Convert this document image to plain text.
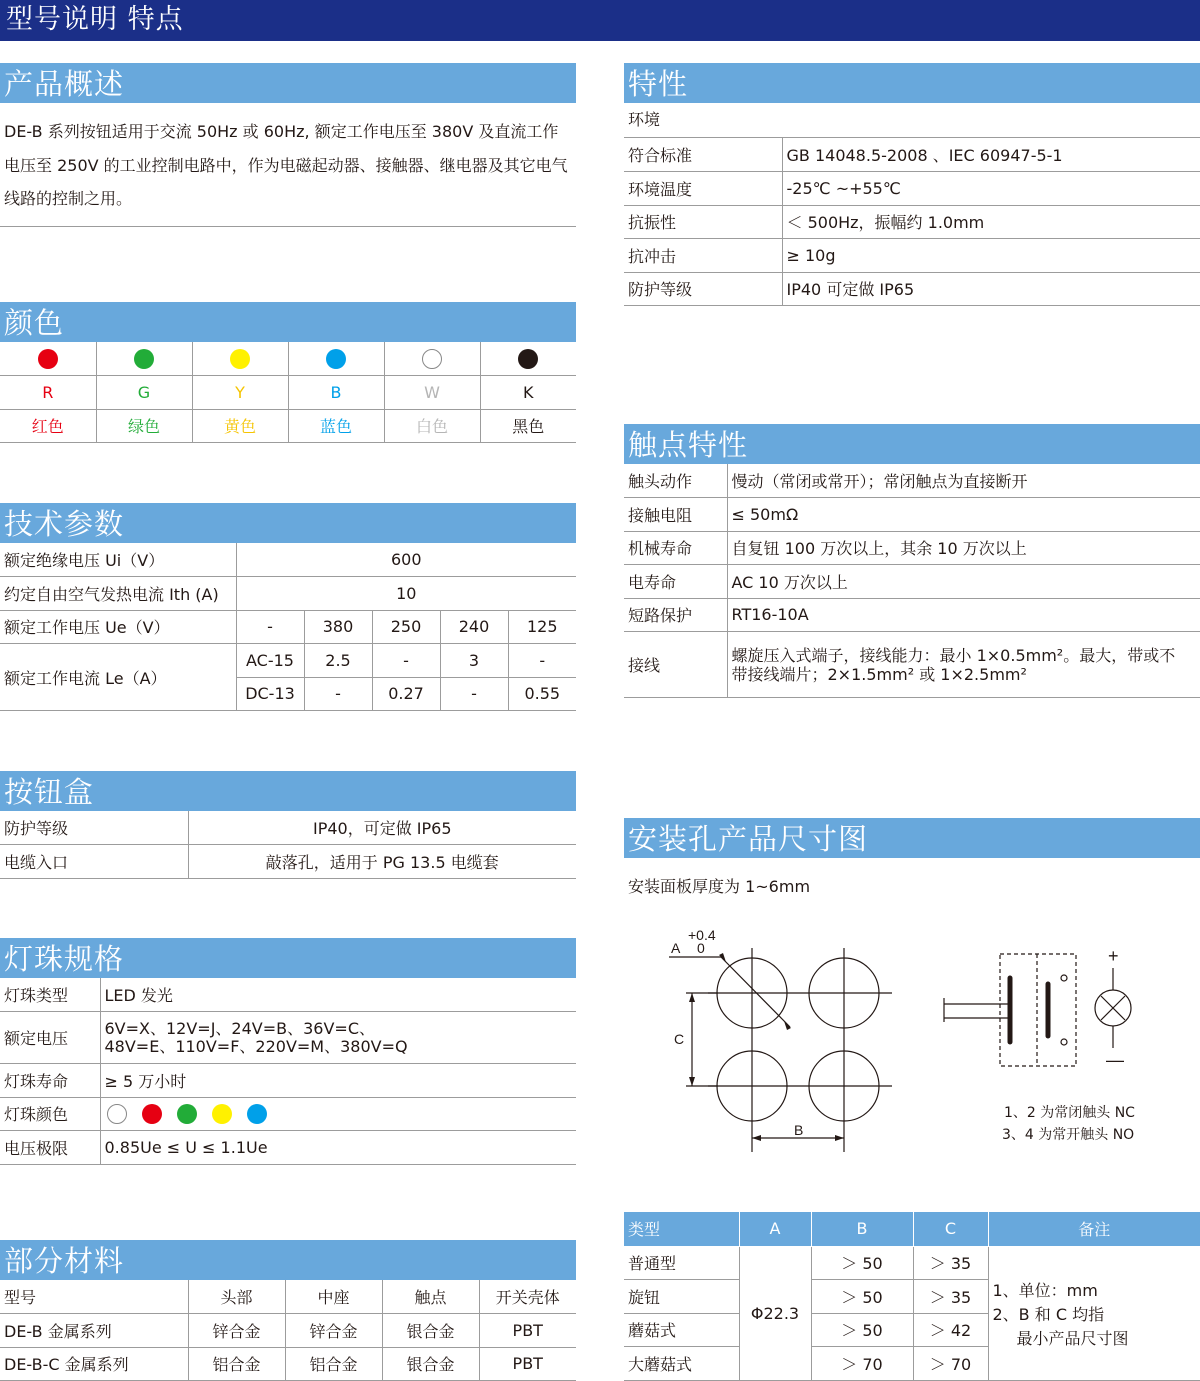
型号说明 特点
产品概述
DE-B 系列按钮适用于交流 50Hz 或 60Hz, 额定工作电压至 380V 及直流工作电压至 250V 的工业控制电路中，作为电磁起动器、接触器、继电器及其它电气线路的控制之用。
颜色

R	G	Y	B	W	K
红色	绿色	黄色	蓝色	白色	黑色
技术参数
额定绝缘电压 Ui（V）	600				
约定自由空气发热电流 Ith (A)	10				
额定工作电压 Ue（V）	-	380	250	240	125
额定工作电流 Le（A）	AC-15	2.5	-	3	-
	DC-13	-	0.27	-	0.55
按钮盒
防护等级	IP40，可定做 IP65
电缆入口	敲落孔，适用于 PG 13.5 电缆套
灯珠规格
灯珠类型	LED 发光
额定电压	6V=X、12V=J、24V=B、36V=C、
48V=E、110V=F、220V=M、380V=Q

灯珠寿命	≥ 5 万小时
灯珠颜色	
电压极限	0.85Ue ≤ U ≤ 1.1Ue
部分材料
型号	头部	中座	触点	开关壳体
DE-B 金属系列	锌合金	锌合金	银合金	PBT
DE-B-C 金属系列	铝合金	铝合金	银合金	PBT
特性
环境
符合标准	GB 14048.5-2008 、IEC 60947-5-1
环境温度	-25℃ ~+55℃
抗振性	＜ 500Hz，振幅约 1.0mm
抗冲击	≥ 10g
防护等级	IP40 可定做 IP65
触点特性
触头动作	慢动（常闭或常开）；常闭触点为直接断开
接触电阻	≤ 50mΩ
机械寿命	自复钮 100 万次以上，其余 10 万次以上
电寿命	AC 10 万次以上
短路保护	RT16-10A
接线	螺旋压入式端子，接线能力：最小 1×0.5mm²。最大，带或不
带接线端片；2×1.5mm² 或 1×2.5mm²
安装孔产品尺寸图
安装面板厚度为 1~6mm
+0.4
A 0
C
B
+
—
1、2 为常闭触头 NC
3、4 为常开触头 NO
类型	A	B	C	备注
普通型	Φ22.3	＞ 50	＞ 35	1、单位：mm
2、B 和 C 均指
最小产品尺寸图

旋钮		＞ 50	＞ 35	
蘑菇式		＞ 50	＞ 42	
大蘑菇式		＞ 70	＞ 70	
